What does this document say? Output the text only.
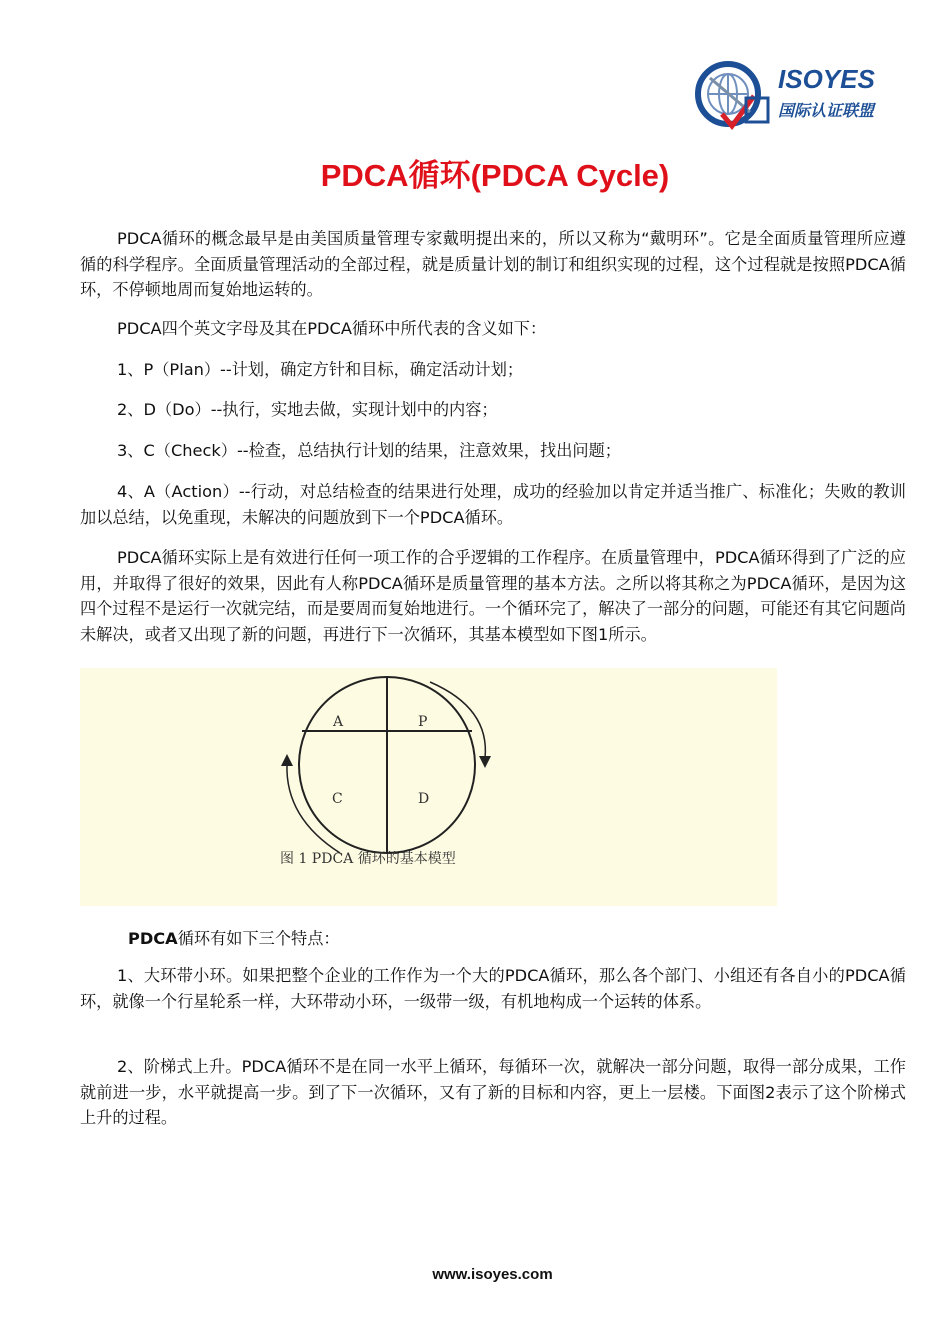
ISOYES
国际认证联盟
PDCA循环(PDCA Cycle)

PDCA循环的概念最早是由美国质量管理专家戴明提出来的，所以又称为“戴明环”。它是全面质量管理所应遵循的科学程序。全面质量管理活动的全部过程，就是质量计划的制订和组织实现的过程，这个过程就是按照PDCA循环，不停顿地周而复始地运转的。

PDCA四个英文字母及其在PDCA循环中所代表的含义如下：

1、P（Plan）--计划，确定方针和目标，确定活动计划；

2、D（Do）--执行，实地去做，实现计划中的内容；

3、C（Check）--检查，总结执行计划的结果，注意效果，找出问题；

4、A（Action）--行动，对总结检查的结果进行处理，成功的经验加以肯定并适当推广、标准化；失败的教训加以总结，以免重现，未解决的问题放到下一个PDCA循环。

PDCA循环实际上是有效进行任何一项工作的合乎逻辑的工作程序。在质量管理中，PDCA循环得到了广泛的应用，并取得了很好的效果，因此有人称PDCA循环是质量管理的基本方法。之所以将其称之为PDCA循环，是因为这四个过程不是运行一次就完结，而是要周而复始地进行。一个循环完了，解决了一部分的问题，可能还有其它问题尚未解决，或者又出现了新的问题，再进行下一次循环，其基本模型如下图1所示。

A	P
C	D
图 1 PDCA 循环的基本模型

PDCA循环有如下三个特点：

1、大环带小环。如果把整个企业的工作作为一个大的PDCA循环，那么各个部门、小组还有各自小的PDCA循环，就像一个行星轮系一样，大环带动小环，一级带一级，有机地构成一个运转的体系。

2、阶梯式上升。PDCA循环不是在同一水平上循环，每循环一次，就解决一部分问题，取得一部分成果，工作就前进一步，水平就提高一步。到了下一次循环，又有了新的目标和内容，更上一层楼。下面图2表示了这个阶梯式上升的过程。

www.isoyes.com
